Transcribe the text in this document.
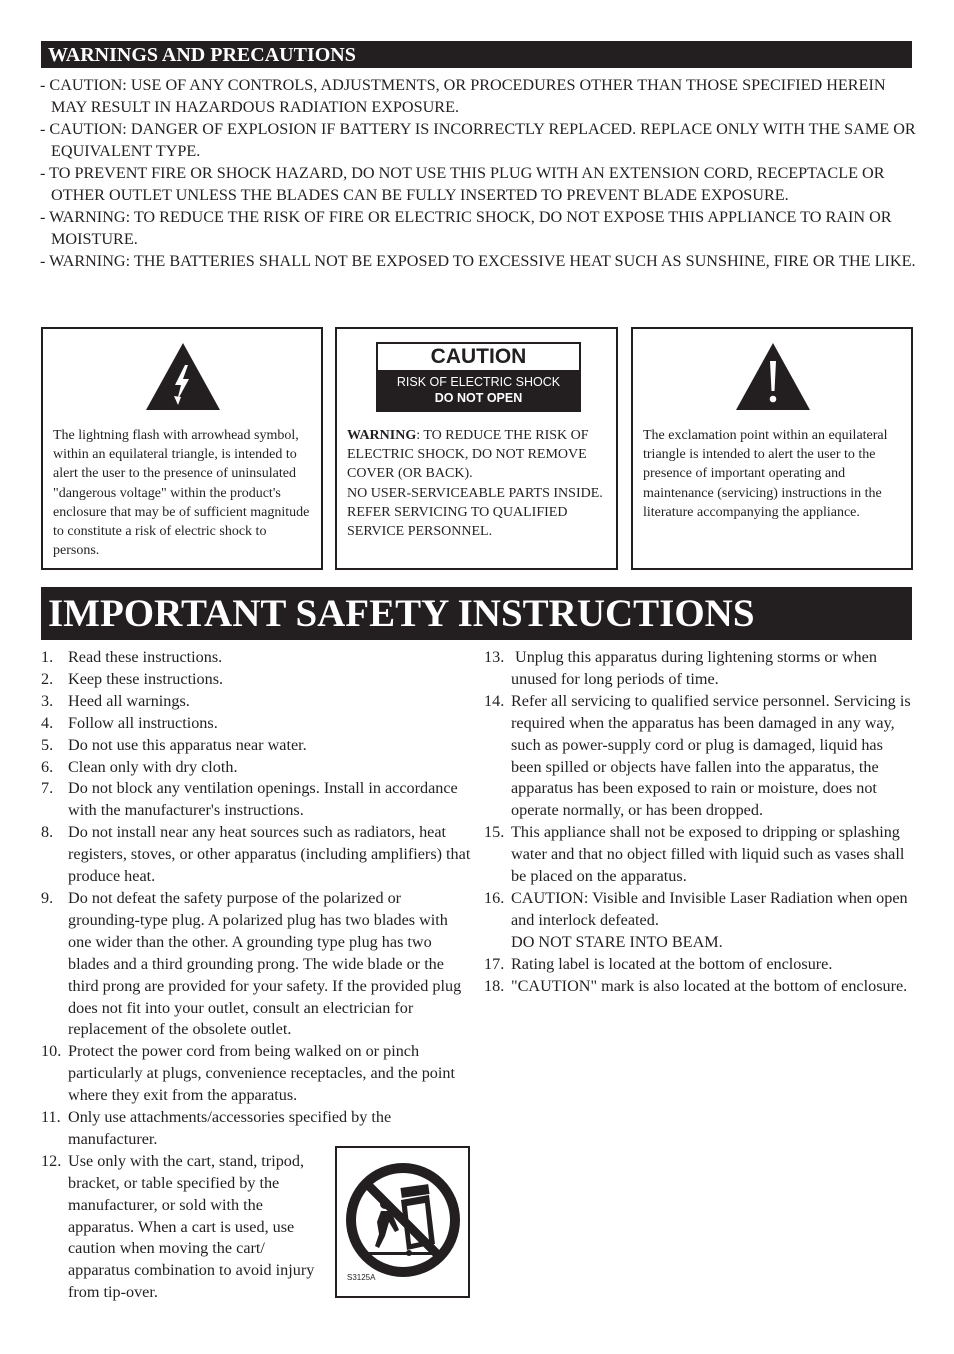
WARNINGS AND PRECAUTIONS
- CAUTION: USE OF ANY CONTROLS, ADJUSTMENTS, OR PROCEDURES OTHER THAN THOSE SPECIFIED HEREIN MAY RESULT IN HAZARDOUS RADIATION EXPOSURE.
- CAUTION: DANGER OF EXPLOSION IF BATTERY IS INCORRECTLY REPLACED. REPLACE ONLY WITH THE SAME OR EQUIVALENT TYPE.
- TO PREVENT FIRE OR SHOCK HAZARD, DO NOT USE THIS PLUG WITH AN EXTENSION CORD, RECEPTACLE OR OTHER OUTLET UNLESS THE BLADES CAN BE FULLY INSERTED TO PREVENT BLADE EXPOSURE.
- WARNING: TO REDUCE THE RISK OF FIRE OR ELECTRIC SHOCK, DO NOT EXPOSE THIS APPLIANCE TO RAIN OR MOISTURE.
- WARNING: THE BATTERIES SHALL NOT BE EXPOSED TO EXCESSIVE HEAT SUCH AS SUNSHINE, FIRE OR THE LIKE.
The lightning flash with arrowhead symbol, within an equilateral triangle, is intended to alert the user to the presence of uninsulated "dangerous voltage" within the product's enclosure that may be of sufficient magnitude to constitute a risk of electric shock to persons.
CAUTION
RISK OF ELECTRIC SHOCK
DO NOT OPEN
WARNING: TO REDUCE THE RISK OF ELECTRIC SHOCK, DO NOT REMOVE COVER (OR BACK).
NO USER-SERVICEABLE PARTS INSIDE. REFER SERVICING TO QUALIFIED SERVICE PERSONNEL.
The exclamation point within an equilateral triangle is intended to alert the user to the presence of important operating and maintenance (servicing) instructions in the literature accompanying the appliance.
IMPORTANT SAFETY INSTRUCTIONS
1. Read these instructions.
2. Keep these instructions.
3. Heed all warnings.
4. Follow all instructions.
5. Do not use this apparatus near water.
6. Clean only with dry cloth.
7. Do not block any ventilation openings. Install in accordance with the manufacturer's instructions.
8. Do not install near any heat sources such as radiators, heat registers, stoves, or other apparatus (including amplifiers) that produce heat.
9. Do not defeat the safety purpose of the polarized or grounding-type plug. A polarized plug has two blades with one wider than the other. A grounding type plug has two blades and a third grounding prong. The wide blade or the third prong are provided for your safety. If the provided plug does not fit into your outlet, consult an electrician for replacement of the obsolete outlet.
10. Protect the power cord from being walked on or pinch particularly at plugs, convenience receptacles, and the point where they exit from the apparatus.
11. Only use attachments/accessories specified by the manufacturer.
12. Use only with the cart, stand, tripod, bracket, or table specified by the manufacturer, or sold with the apparatus. When a cart is used, use caution when moving the cart/ apparatus combination to avoid injury from tip-over.
S3125A
13. Unplug this apparatus during lightening storms or when unused for long periods of time.
14. Refer all servicing to qualified service personnel. Servicing is required when the apparatus has been damaged in any way, such as power-supply cord or plug is damaged, liquid has been spilled or objects have fallen into the apparatus, the apparatus has been exposed to rain or moisture, does not operate normally, or has been dropped.
15. This appliance shall not be exposed to dripping or splashing water and that no object filled with liquid such as vases shall be placed on the apparatus.
16. CAUTION: Visible and Invisible Laser Radiation when open and interlock defeated.
DO NOT STARE INTO BEAM.
17. Rating label is located at the bottom of enclosure.
18. "CAUTION" mark is also located at the bottom of enclosure.
